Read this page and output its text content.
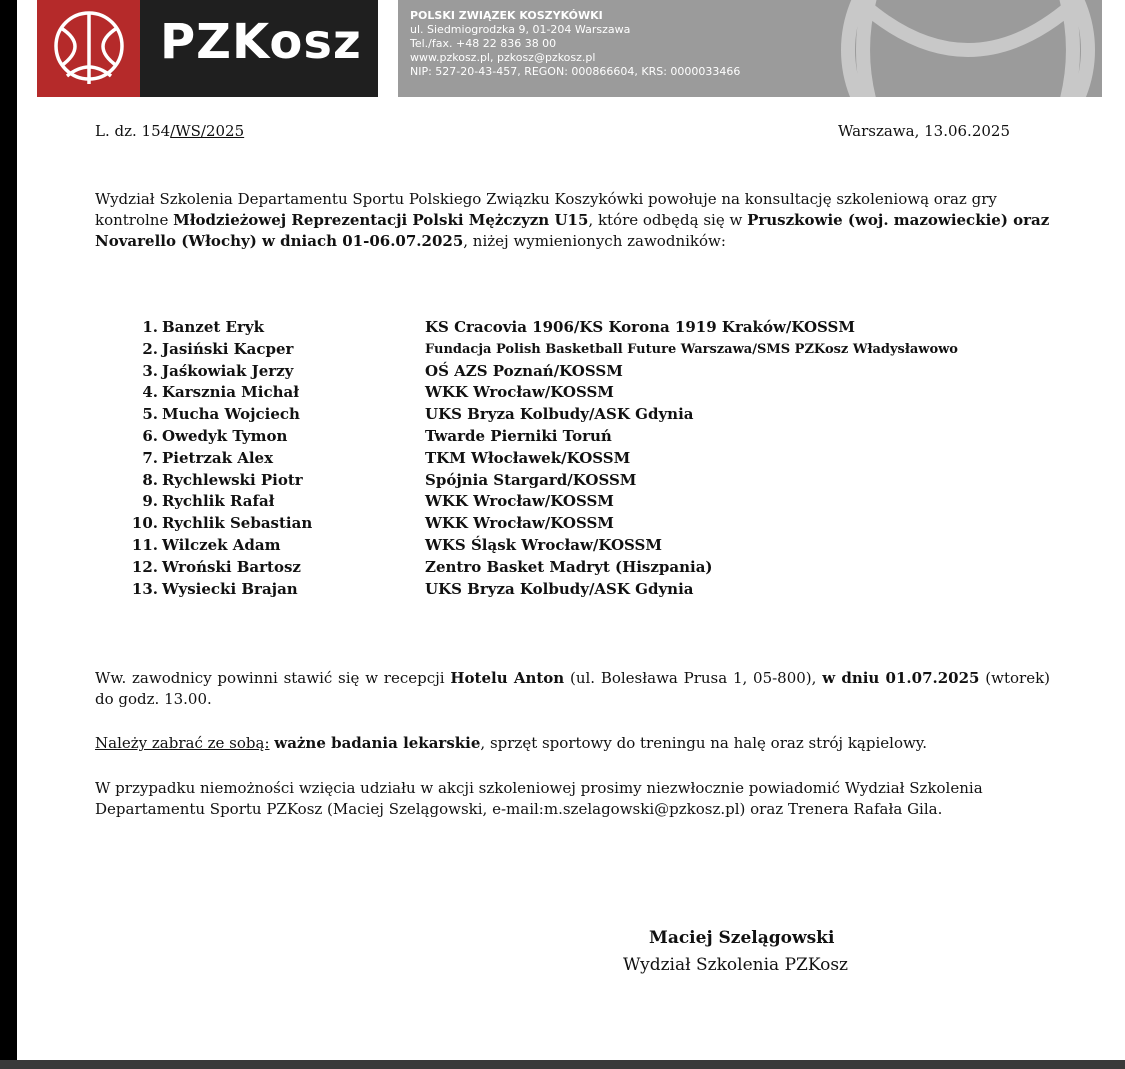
PZKosz	POLSKI ZWIĄZEK KOSZYKÓWKI
ul. Siedmiogrodzka 9, 01-204 Warszawa
Tel./fax. +48 22 836 38 00
www.pzkosz.pl, pzkosz@pzkosz.pl
NIP: 527-20-43-457, REGON: 000866604, KRS: 0000033466
L. dz. 154/WS/2025	Warszawa, 13.06.2025
Wydział Szkolenia Departamentu Sportu Polskiego Związku Koszykówki powołuje na konsultację szkoleniową oraz gry kontrolne Młodzieżowej Reprezentacji Polski Mężczyzn U15, które odbędą się w Pruszkowie (woj. mazowieckie) oraz Novarello (Włochy) w dniach 01-06.07.2025, niżej wymienionych zawodników:
1. Banzet Eryk	KS Cracovia 1906/KS Korona 1919 Kraków/KOSSM
2. Jasiński Kacper	Fundacja Polish Basketball Future Warszawa/SMS PZKosz Władysławowo
3. Jaśkowiak Jerzy	OŚ AZS Poznań/KOSSM
4. Karsznia Michał	WKK Wrocław/KOSSM
5. Mucha Wojciech	UKS Bryza Kolbudy/ASK Gdynia
6. Owedyk Tymon	Twarde Pierniki Toruń
7. Pietrzak Alex	TKM Włocławek/KOSSM
8. Rychlewski Piotr	Spójnia Stargard/KOSSM
9. Rychlik Rafał	WKK Wrocław/KOSSM
10. Rychlik Sebastian	WKK Wrocław/KOSSM
11. Wilczek Adam	WKS Śląsk Wrocław/KOSSM
12. Wroński Bartosz	Zentro Basket Madryt (Hiszpania)
13. Wysiecki Brajan	UKS Bryza Kolbudy/ASK Gdynia
Ww. zawodnicy powinni stawić się w recepcji Hotelu Anton (ul. Bolesława Prusa 1, 05-800), w dniu 01.07.2025 (wtorek) do godz. 13.00.
Należy zabrać ze sobą: ważne badania lekarskie, sprzęt sportowy do treningu na halę oraz strój kąpielowy.
W przypadku niemożności wzięcia udziału w akcji szkoleniowej prosimy niezwłocznie powiadomić Wydział Szkolenia Departamentu Sportu PZKosz (Maciej Szelągowski, e-mail:m.szelagowski@pzkosz.pl) oraz Trenera Rafała Gila.
Maciej Szelągowski
Wydział Szkolenia PZKosz
